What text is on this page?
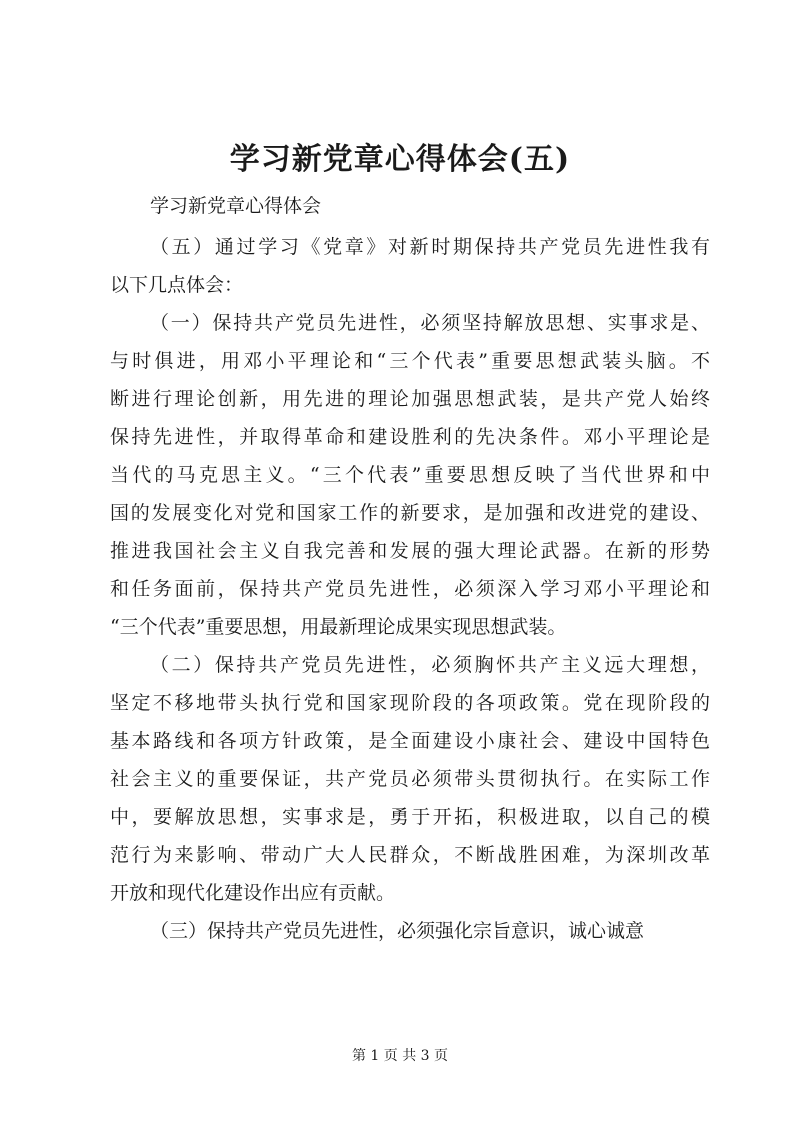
学习新党章心得体会(五)
学习新党章心得体会
（五）通过学习《党章》对新时期保持共产党员先进性我有
以下几点体会：
（一）保持共产党员先进性，必须坚持解放思想、实事求是、
与时俱进，用邓小平理论和“三个代表”重要思想武装头脑。不
断进行理论创新，用先进的理论加强思想武装，是共产党人始终
保持先进性，并取得革命和建设胜利的先决条件。邓小平理论是
当代的马克思主义。“三个代表”重要思想反映了当代世界和中
国的发展变化对党和国家工作的新要求，是加强和改进党的建设、
推进我国社会主义自我完善和发展的强大理论武器。在新的形势
和任务面前，保持共产党员先进性，必须深入学习邓小平理论和
“三个代表”重要思想，用最新理论成果实现思想武装。
（二）保持共产党员先进性，必须胸怀共产主义远大理想，
坚定不移地带头执行党和国家现阶段的各项政策。党在现阶段的
基本路线和各项方针政策，是全面建设小康社会、建设中国特色
社会主义的重要保证，共产党员必须带头贯彻执行。在实际工作
中，要解放思想，实事求是，勇于开拓，积极进取，以自己的模
范行为来影响、带动广大人民群众，不断战胜困难，为深圳改革
开放和现代化建设作出应有贡献。
（三）保持共产党员先进性，必须强化宗旨意识，诚心诚意
第 1 页 共 3 页
